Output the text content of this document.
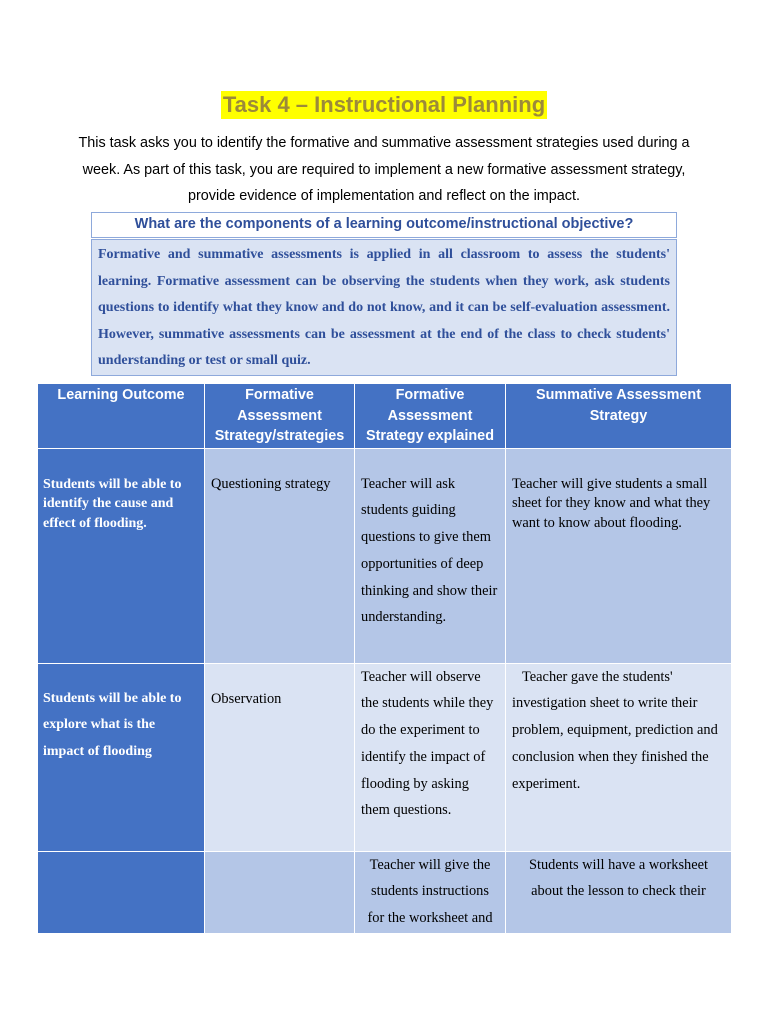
Task 4 – Instructional Planning
This task asks you to identify the formative and summative assessment strategies used during a week. As part of this task, you are required to implement a new formative assessment strategy, provide evidence of implementation and reflect on the impact.
What are the components of a learning outcome/instructional objective?
Formative and summative assessments is applied in all classroom to assess the students' learning. Formative assessment can be observing the students when they work, ask students questions to identify what they know and do not know, and it can be self-evaluation assessment. However, summative assessments can be assessment at the end of the class to check students' understanding or test or small quiz.
Learning Outcome	Formative Assessment Strategy/strategies	Formative Assessment Strategy explained	Summative Assessment Strategy
Students will be able to identify the cause and effect of flooding.	Questioning strategy	Teacher will ask students guiding questions to give them opportunities of deep thinking and show their understanding.	Teacher will give students a small sheet for they know and what they want to know about flooding.
Students will be able to explore what is the impact of flooding	Observation	Teacher will observe the students while they do the experiment to identify the impact of flooding by asking them questions.	Teacher gave the students' investigation sheet to write their problem, equipment, prediction and conclusion when they finished the experiment.
		Teacher will give the students instructions for the worksheet and	Students will have a worksheet about the lesson to check their
